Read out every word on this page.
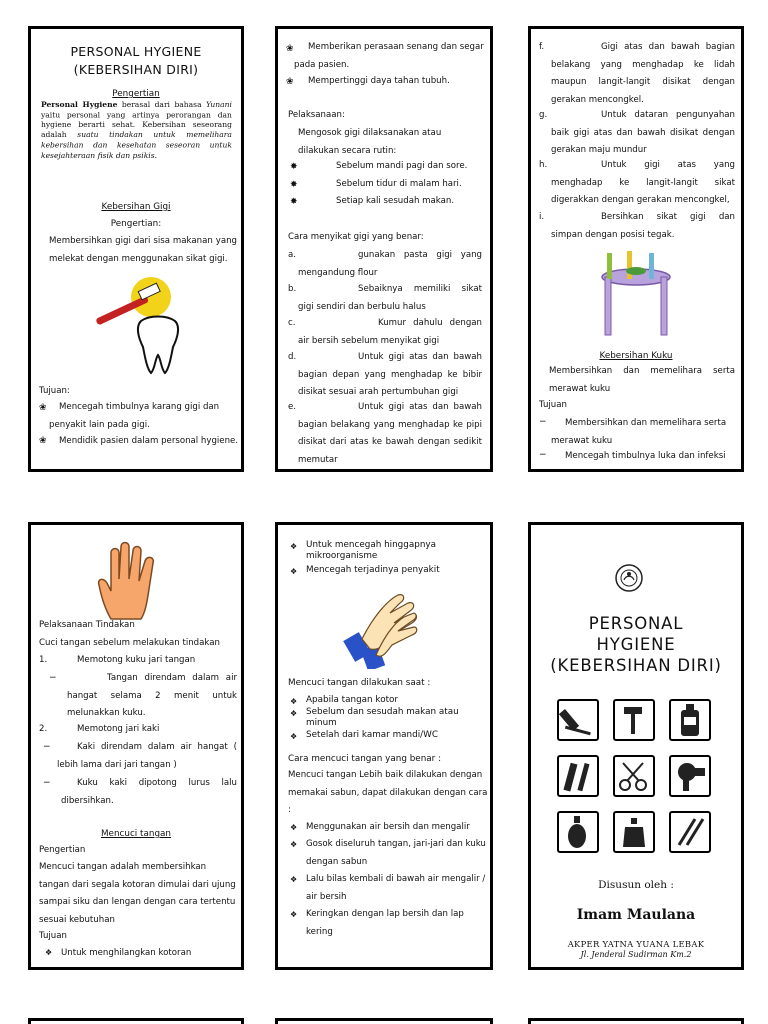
PERSONAL HYGIENE
(KEBERSIHAN DIRI)
Pengertian
Personal Hygiene berasal dari bahasa Yunani yaitu personal yang artinya perorangan dan hygiene berarti sehat. Kebersihan seseorang adalah suatu tindakan untuk memelihara kebersihan dan kesehatan seseoran untuk kesejahteraan fisik dan psikis.
Kebersihan Gigi
Pengertian:
Membersihkan gigi dari sisa makanan yang melekat dengan menggunakan sikat gigi.
Tujuan:
❀	Mencegah timbulnya karang gigi dan penyakit lain pada gigi.
❀	Mendidik pasien dalam personal hygiene.
❀	Memberikan perasaan senang dan segar pada pasien.
❀	Mempertinggi daya tahan tubuh.
Pelaksanaan:
Mengosok gigi dilaksanakan atau dilakukan secara rutin:
✸	Sebelum mandi pagi dan sore.
✸	Sebelum tidur di malam hari.
✸	Setiap kali sesudah makan.
Cara menyikat gigi yang benar:
a.	gunakan pasta gigi yang mengandung flour
b.	Sebaiknya memiliki sikat gigi sendiri dan berbulu halus
c.	Kumur dahulu dengan air bersih sebelum menyikat gigi
d.	Untuk gigi atas dan bawah bagian depan yang menghadap ke bibir disikat sesuai arah pertumbuhan gigi
e.	Untuk gigi atas dan bawah bagian belakang yang menghadap ke pipi disikat dari atas ke bawah dengan sedikit memutar
f.	Gigi atas dan bawah bagian belakang yang menghadap ke lidah maupun langit-langit disikat dengan gerakan mencongkel.
g.	Untuk dataran pengunyahan baik gigi atas dan bawah disikat dengan gerakan maju mundur
h.	Untuk gigi atas yang menghadap ke langit-langit sikat digerakkan dengan gerakan mencongkel,
i.	Bersihkan sikat gigi dan simpan dengan posisi tegak.
Kebersihan Kuku
Membersihkan dan memelihara serta merawat kuku
Tujuan
−	Membersihkan dan memelihara serta merawat kuku
− Mencegah timbulnya luka dan infeksi
Pelaksanaan Tindakan
Cuci tangan sebelum melakukan tindakan
1.	Memotong kuku jari tangan
−	Tangan direndam dalam air hangat selama 2 menit untuk melunakkan kuku.
2.	Memotong jari kaki
−	Kaki direndam dalam air hangat ( lebih lama dari jari tangan )
−	Kuku kaki dipotong lurus lalu dibersihkan.
Mencuci tangan
Pengertian
Mencuci tangan adalah membersihkan tangan dari segala kotoran dimulai dari ujung sampai siku dan lengan dengan cara tertentu sesuai kebutuhan
Tujuan
❖ Untuk menghilangkan kotoran
❖ Untuk mencegah hinggapnya mikroorganisme
❖ Mencegah terjadinya penyakit
Mencuci tangan dilakukan saat :
❖ Apabila tangan kotor
❖ Sebelum dan sesudah makan atau minum
❖ Setelah dari kamar mandi/WC
Cara mencuci tangan yang benar :
Mencuci tangan Lebih baik dilakukan dengan memakai sabun, dapat dilakukan dengan cara :
❖ Menggunakan air bersih dan mengalir
❖ Gosok diseluruh tangan, jari-jari dan kuku dengan sabun
❖ Lalu bilas kembali di bawah air mengalir / air bersih
❖ Keringkan dengan lap bersih dan lap kering
PERSONAL
HYGIENE
(KEBERSIHAN DIRI)
Disusun oleh :
Imam Maulana
AKPER YATNA YUANA LEBAK
Jl. Jenderal Sudirman Km.2
